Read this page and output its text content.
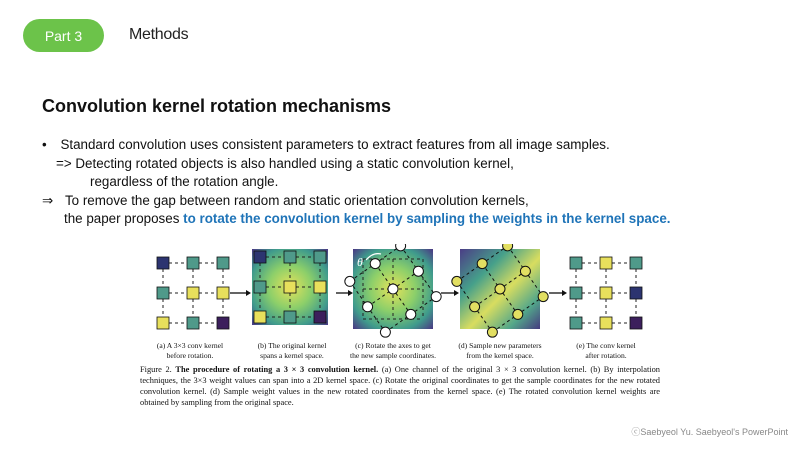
Part 3	Methods
Convolution kernel rotation mechanisms
• Standard convolution uses consistent parameters to extract features from all image samples.
=> Detecting rotated objects is also handled using a static convolution kernel,
regardless of the rotation angle.
⇒ To remove the gap between random and static orientation convolution kernels,
the paper proposes to rotate the convolution kernel by sampling the weights in the kernel space.
θ
(a) A 3×3 conv kernel
before rotation.
(b) The original kernel
spans a kernel space.
(c) Rotate the axes to get
the new sample coordinates.
(d) Sample new parameters
from the kernel space.
(e) The conv kernel
after rotation.
Figure 2. The procedure of rotating a 3 × 3 convolution kernel. (a) One channel of the original 3 × 3 convolution kernel. (b) By interpolation techniques, the 3×3 weight values can span into a 2D kernel space. (c) Rotate the original coordinates to get the sample coordinates for the new rotated convolution kernel. (d) Sample weight values in the new rotated coordinates from the kernel space. (e) The rotated convolution kernel weights are obtained by sampling from the original space.
ⓒSaebyeol Yu. Saebyeol's PowerPoint
